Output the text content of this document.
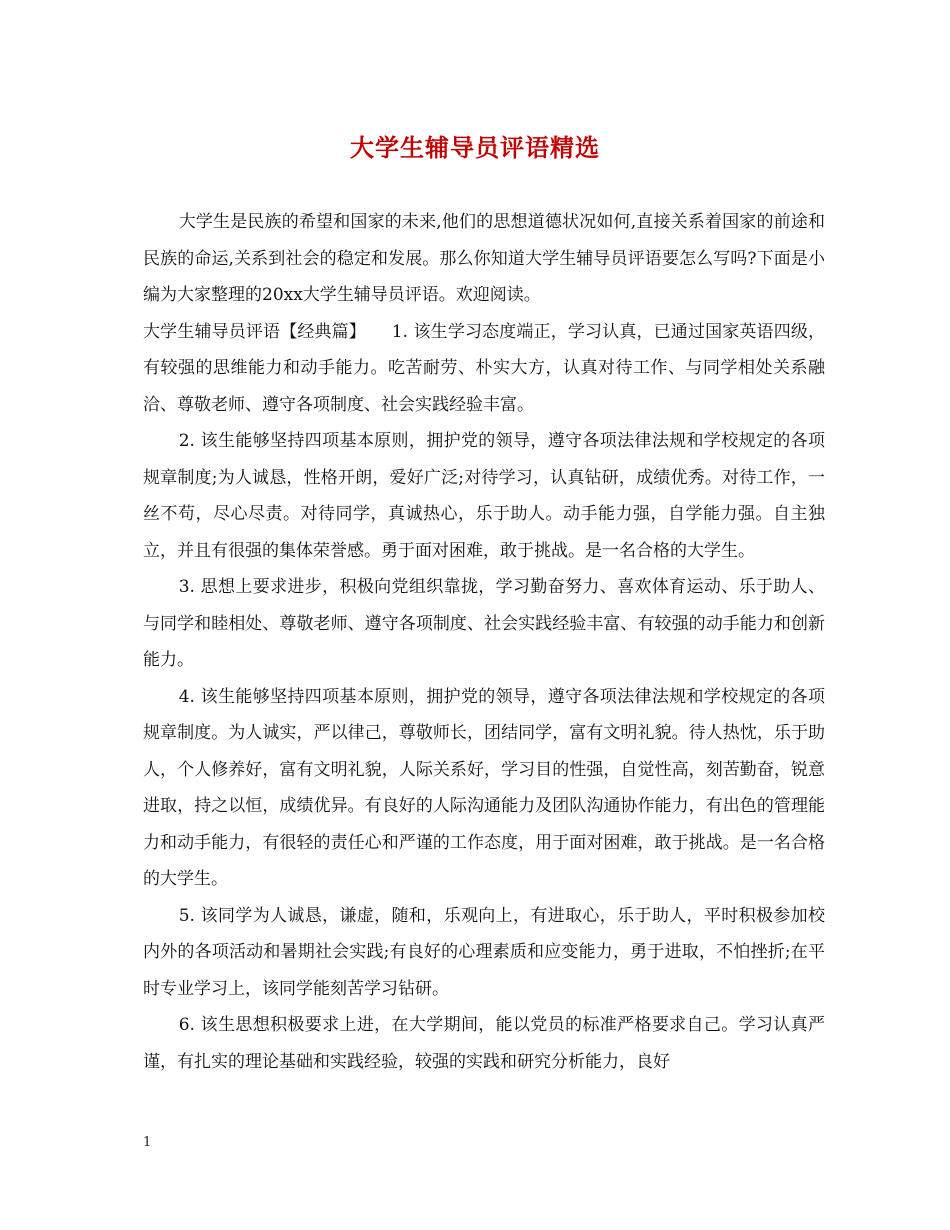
大学生辅导员评语精选

大学生是民族的希望和国家的未来,他们的思想道德状况如何,直接关系着国家的前途和民族的命运,关系到社会的稳定和发展。那么你知道大学生辅导员评语要怎么写吗?下面是小编为大家整理的20xx大学生辅导员评语。欢迎阅读。

大学生辅导员评语【经典篇】　　1. 该生学习态度端正，学习认真，已通过国家英语四级，有较强的思维能力和动手能力。吃苦耐劳、朴实大方，认真对待工作、与同学相处关系融洽、尊敬老师、遵守各项制度、社会实践经验丰富。

2. 该生能够坚持四项基本原则，拥护党的领导，遵守各项法律法规和学校规定的各项规章制度;为人诚恳，性格开朗，爱好广泛;对待学习，认真钻研，成绩优秀。对待工作，一丝不苟，尽心尽责。对待同学，真诚热心，乐于助人。动手能力强，自学能力强。自主独立，并且有很强的集体荣誉感。勇于面对困难，敢于挑战。是一名合格的大学生。

3. 思想上要求进步，积极向党组织靠拢，学习勤奋努力、喜欢体育运动、乐于助人、与同学和睦相处、尊敬老师、遵守各项制度、社会实践经验丰富、有较强的动手能力和创新能力。

4. 该生能够坚持四项基本原则，拥护党的领导，遵守各项法律法规和学校规定的各项规章制度。为人诚实，严以律己，尊敬师长，团结同学，富有文明礼貌。待人热忱，乐于助人，个人修养好，富有文明礼貌，人际关系好，学习目的性强，自觉性高，刻苦勤奋，锐意进取，持之以恒，成绩优异。有良好的人际沟通能力及团队沟通协作能力，有出色的管理能力和动手能力，有很轻的责任心和严谨的工作态度，用于面对困难，敢于挑战。是一名合格的大学生。

5. 该同学为人诚恳，谦虚，随和，乐观向上，有进取心，乐于助人，平时积极参加校内外的各项活动和暑期社会实践;有良好的心理素质和应变能力，勇于进取，不怕挫折;在平时专业学习上，该同学能刻苦学习钻研。

6. 该生思想积极要求上进，在大学期间，能以党员的标准严格要求自己。学习认真严谨，有扎实的理论基础和实践经验，较强的实践和研究分析能力，良好

1
